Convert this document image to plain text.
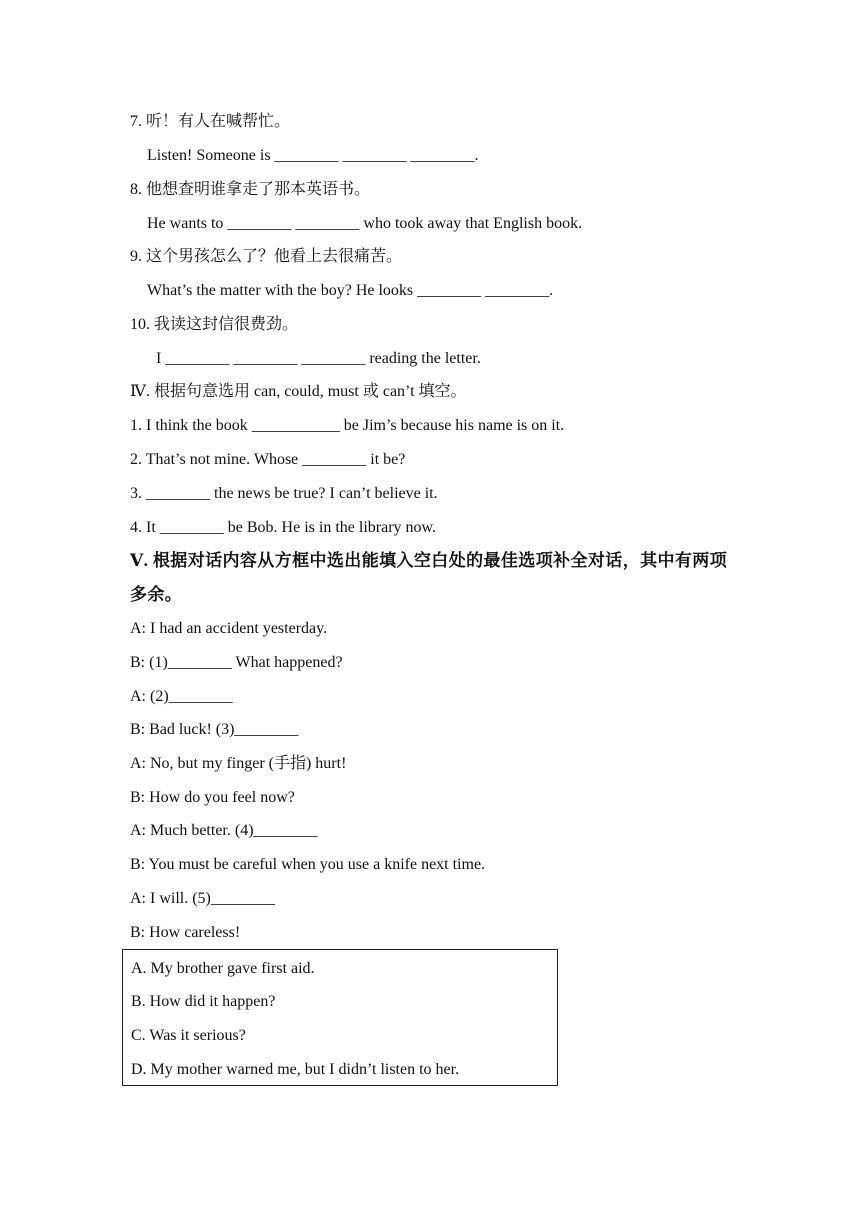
7. 听！有人在喊帮忙。
Listen! Someone is ________ ________ ________.
8. 他想查明谁拿走了那本英语书。
He wants to ________ ________ who took away that English book.
9. 这个男孩怎么了？他看上去很痛苦。
What’s the matter with the boy? He looks ________ ________.
10. 我读这封信很费劲。
I ________ ________ ________ reading the letter.
Ⅳ. 根据句意选用 can, could, must 或 can’t 填空。
1. I think the book ___________ be Jim’s because his name is on it.
2. That’s not mine. Whose ________ it be?
3. ________ the news be true? I can’t believe it.
4. It ________ be Bob. He is in the library now.
Ⅴ. 根据对话内容从方框中选出能填入空白处的最佳选项补全对话，其中有两项
多余。
A: I had an accident yesterday.
B: (1)________ What happened?
A: (2)________
B: Bad luck! (3)________
A: No, but my finger (手指) hurt!
B: How do you feel now?
A: Much better. (4)________
B: You must be careful when you use a knife next time.
A: I will. (5)________
B: How careless!
A. My brother gave first aid.
B. How did it happen?
C. Was it serious?
D. My mother warned me, but I didn’t listen to her.
